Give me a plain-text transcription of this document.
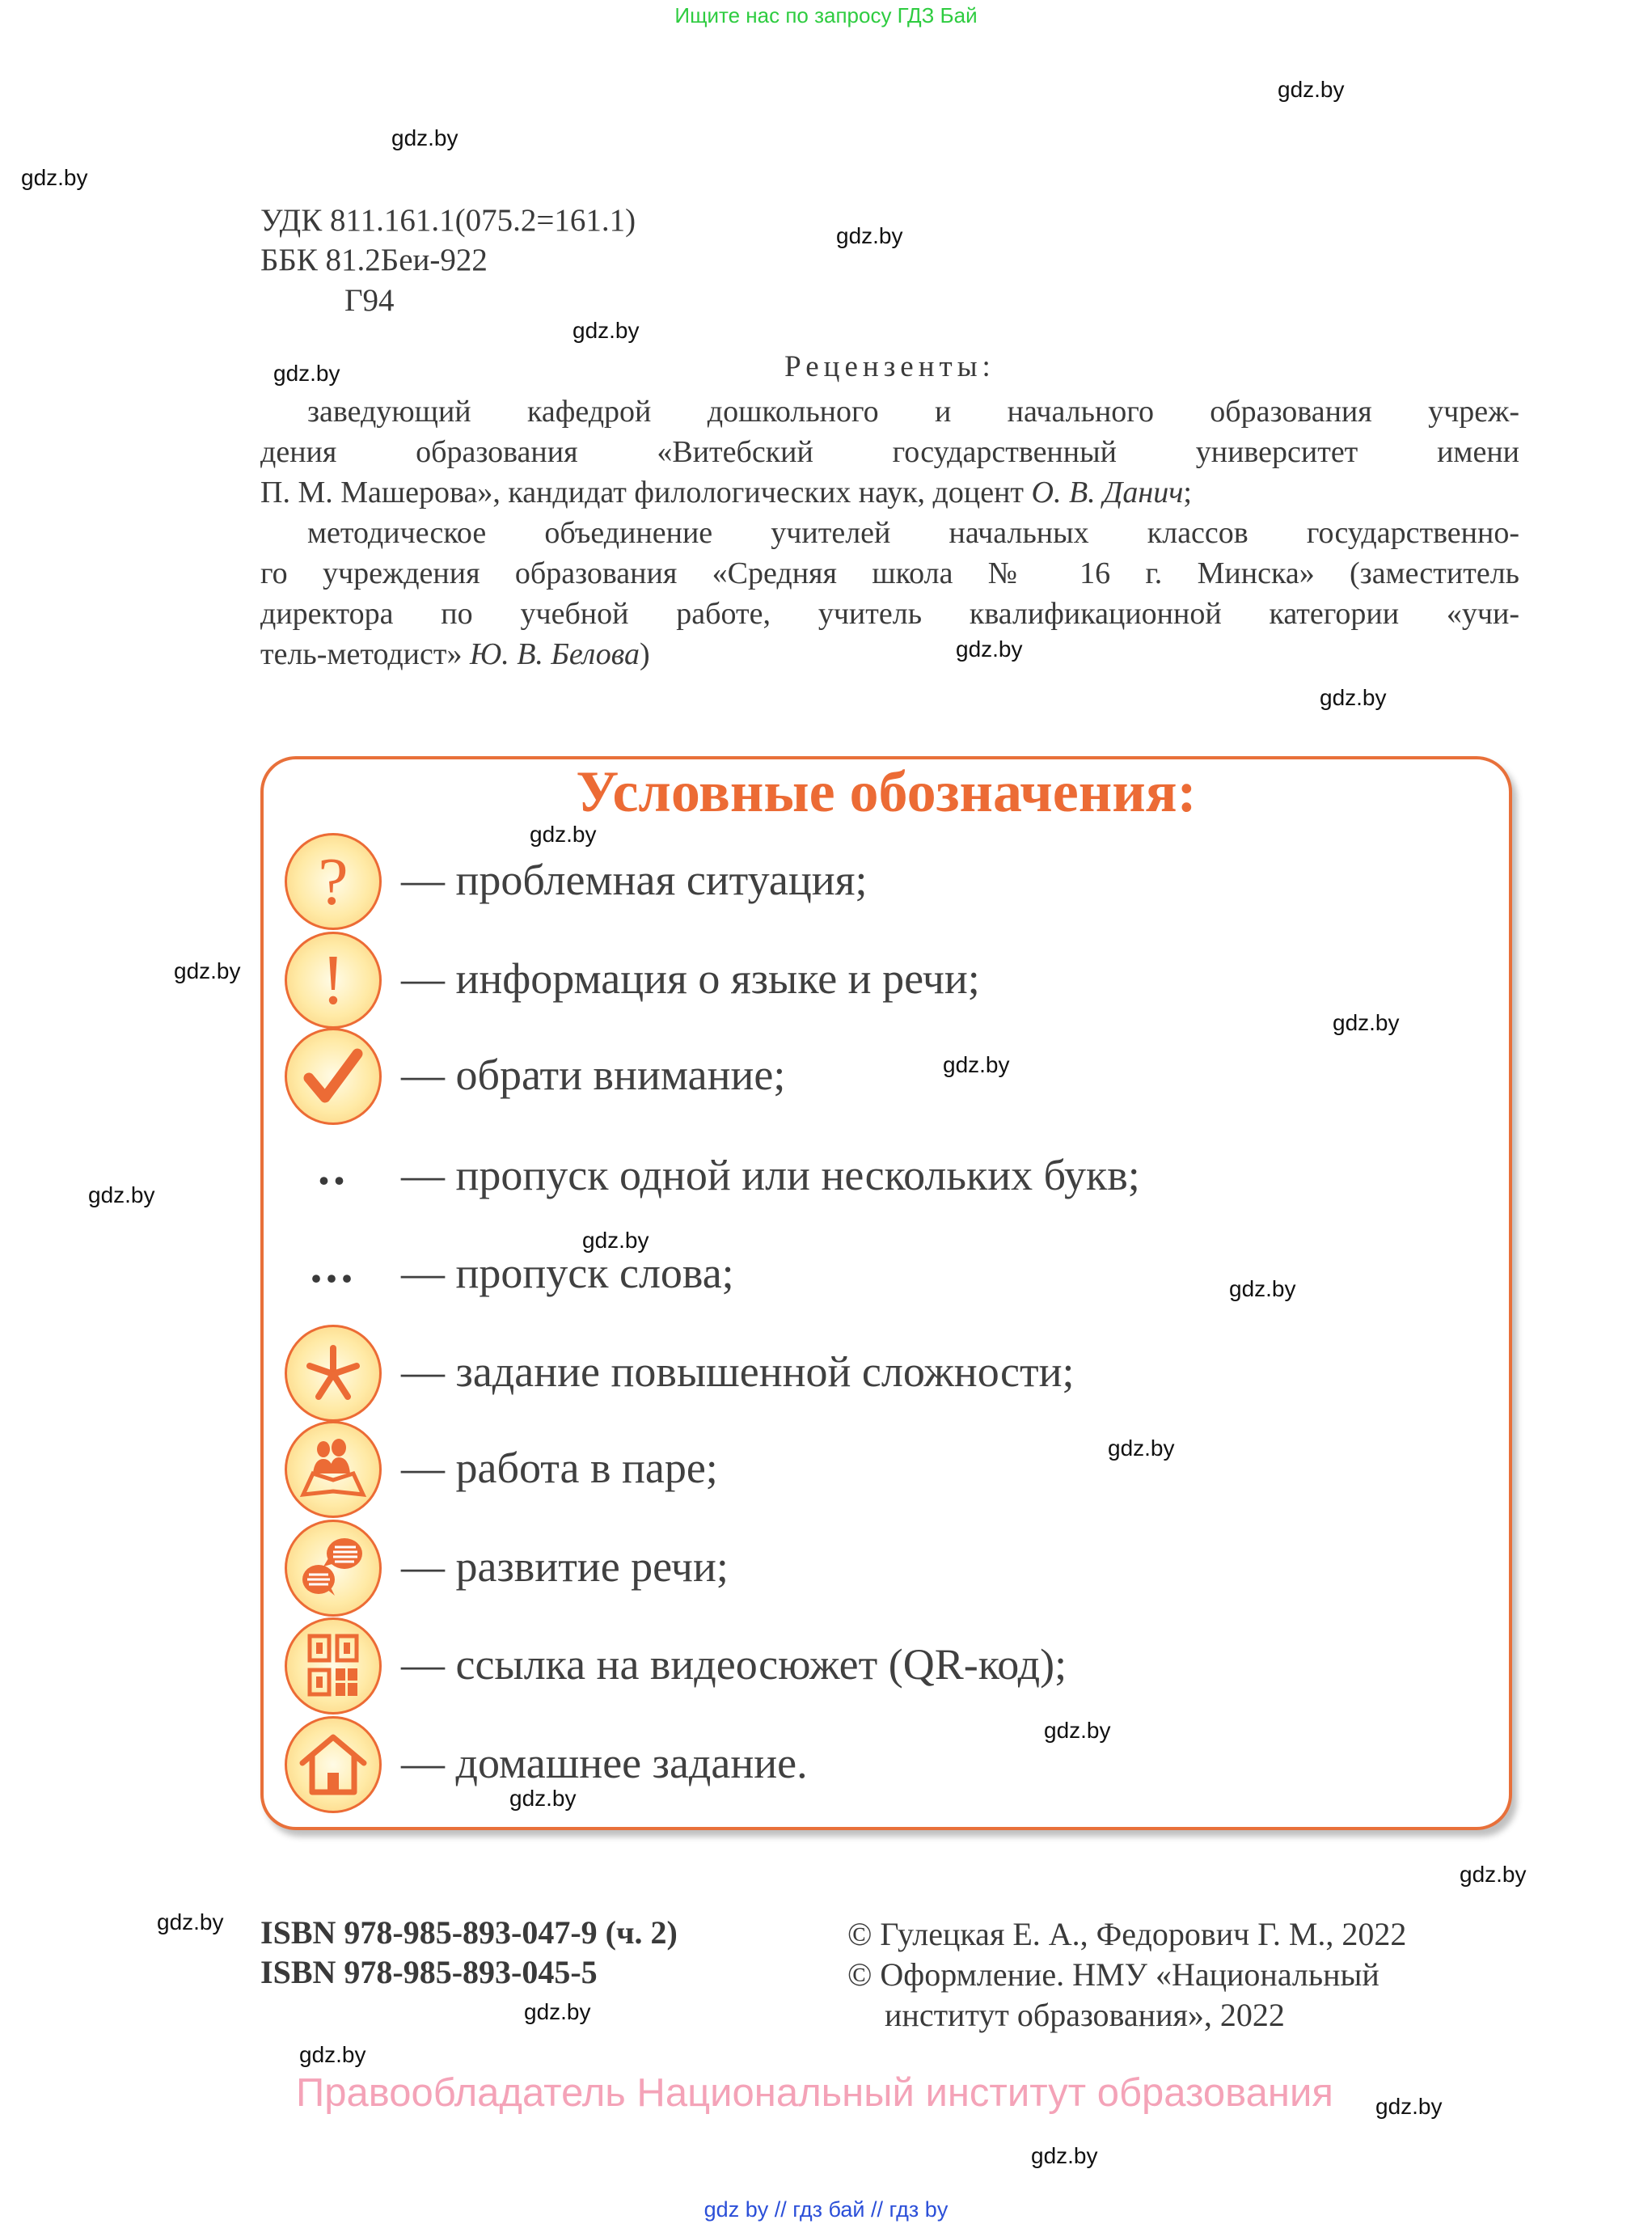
Ищите нас по запросу ГДЗ Бай
УДК 811.161.1(075.2=161.1)
ББК 81.2Беи-922
Г94
Рецензенты:
заведующий кафедрой дошкольного и начального образования учреж-
дения образования «Витебский государственный университет имени
П. М. Машерова», кандидат филологических наук, доцент О. В. Данич;
методическое объединение учителей начальных классов государственно-
го учреждения образования «Средняя школа № 16 г. Минска» (заместитель
директора по учебной работе, учитель квалификационной категории «учи-
тель-методист» Ю. В. Белова)
Условные обозначения:
?
!
..
...
— проблемная ситуация;
— информация о языке и речи;
— обрати внимание;
— пропуск одной или нескольких букв;
— пропуск слова;
— задание повышенной сложности;
— работа в паре;
— развитие речи;
— ссылка на видеосюжет (QR-код);
— домашнее задание.
ISBN 978-985-893-047-9 (ч. 2)
ISBN 978-985-893-045-5
© Гулецкая Е. А., Федорович Г. М., 2022
© Оформление. НМУ «Национальный
институт образования», 2022
Правообладатель Национальный институт образования
gdz by // гдз бай // гдз by
gdz.by
gdz.by
gdz.by
gdz.by
gdz.by
gdz.by
gdz.by
gdz.by
gdz.by
gdz.by
gdz.by
gdz.by
gdz.by
gdz.by
gdz.by
gdz.by
gdz.by
gdz.by
gdz.by
gdz.by
gdz.by
gdz.by
gdz.by
gdz.by
